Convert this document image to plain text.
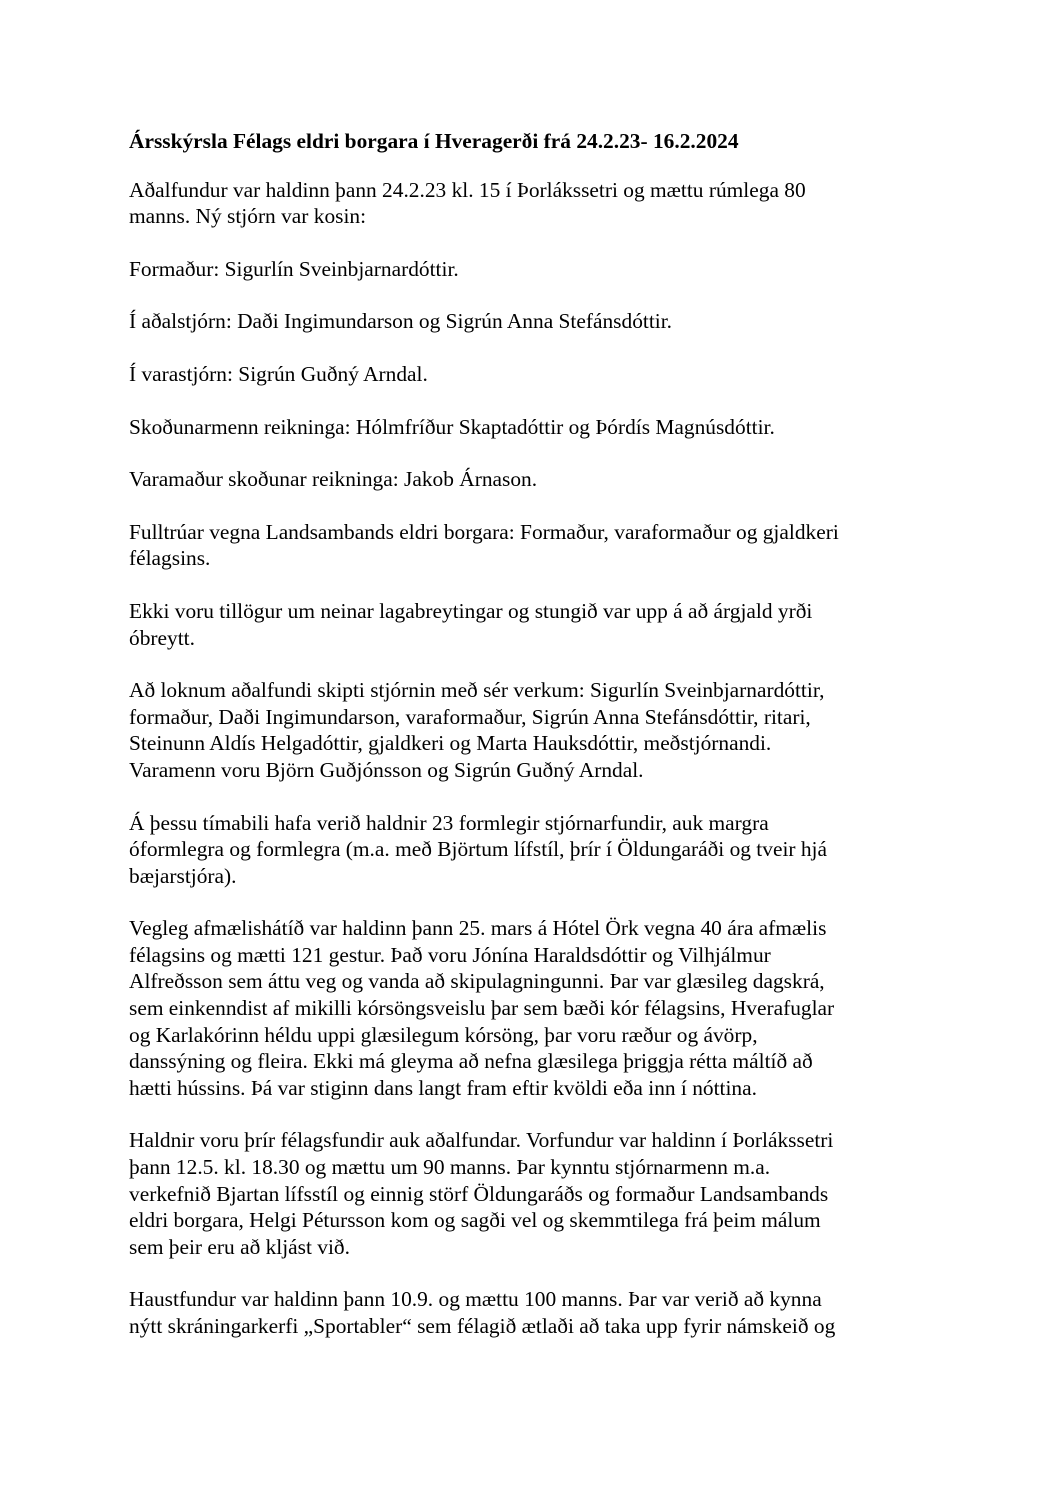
Ársskýrsla Félags eldri borgara í Hveragerði frá 24.2.23- 16.2.2024
Aðalfundur var haldinn þann 24.2.23 kl. 15 í Þorlákssetri og mættu rúmlega 80
manns. Ný stjórn var kosin:
Formaður: Sigurlín Sveinbjarnardóttir.
Í aðalstjórn: Daði Ingimundarson og Sigrún Anna Stefánsdóttir.
Í varastjórn: Sigrún Guðný Arndal.
Skoðunarmenn reikninga: Hólmfríður Skaptadóttir og Þórdís Magnúsdóttir.
Varamaður skoðunar reikninga: Jakob Árnason.
Fulltrúar vegna Landsambands eldri borgara: Formaður, varaformaður og gjaldkeri
félagsins.
Ekki voru tillögur um neinar lagabreytingar og stungið var upp á að árgjald yrði
óbreytt.
Að loknum aðalfundi skipti stjórnin með sér verkum: Sigurlín Sveinbjarnardóttir,
formaður, Daði Ingimundarson, varaformaður, Sigrún Anna Stefánsdóttir, ritari,
Steinunn Aldís Helgadóttir, gjaldkeri og Marta Hauksdóttir, meðstjórnandi.
Varamenn voru Björn Guðjónsson og Sigrún Guðný Arndal.
Á þessu tímabili hafa verið haldnir 23 formlegir stjórnarfundir, auk margra
óformlegra og formlegra (m.a. með Björtum lífstíl, þrír í Öldungaráði og tveir hjá
bæjarstjóra).
Vegleg afmælishátíð var haldinn þann 25. mars á Hótel Örk vegna 40 ára afmælis
félagsins og mætti 121 gestur. Það voru Jónína Haraldsdóttir og Vilhjálmur
Alfreðsson sem áttu veg og vanda að skipulagningunni. Þar var glæsileg dagskrá,
sem einkenndist af mikilli kórsöngsveislu þar sem bæði kór félagsins, Hverafuglar
og Karlakórinn héldu uppi glæsilegum kórsöng, þar voru ræður og ávörp,
danssýning og fleira. Ekki má gleyma að nefna glæsilega þriggja rétta máltíð að
hætti hússins. Þá var stiginn dans langt fram eftir kvöldi eða inn í nóttina.
Haldnir voru þrír félagsfundir auk aðalfundar. Vorfundur var haldinn í Þorlákssetri
þann 12.5. kl. 18.30 og mættu um 90 manns. Þar kynntu stjórnarmenn m.a.
verkefnið Bjartan lífsstíl og einnig störf Öldungaráðs og formaður Landsambands
eldri borgara, Helgi Pétursson kom og sagði vel og skemmtilega frá þeim málum
sem þeir eru að kljást við.
Haustfundur var haldinn þann 10.9. og mættu 100 manns. Þar var verið að kynna
nýtt skráningarkerfi „Sportabler“ sem félagið ætlaði að taka upp fyrir námskeið og
